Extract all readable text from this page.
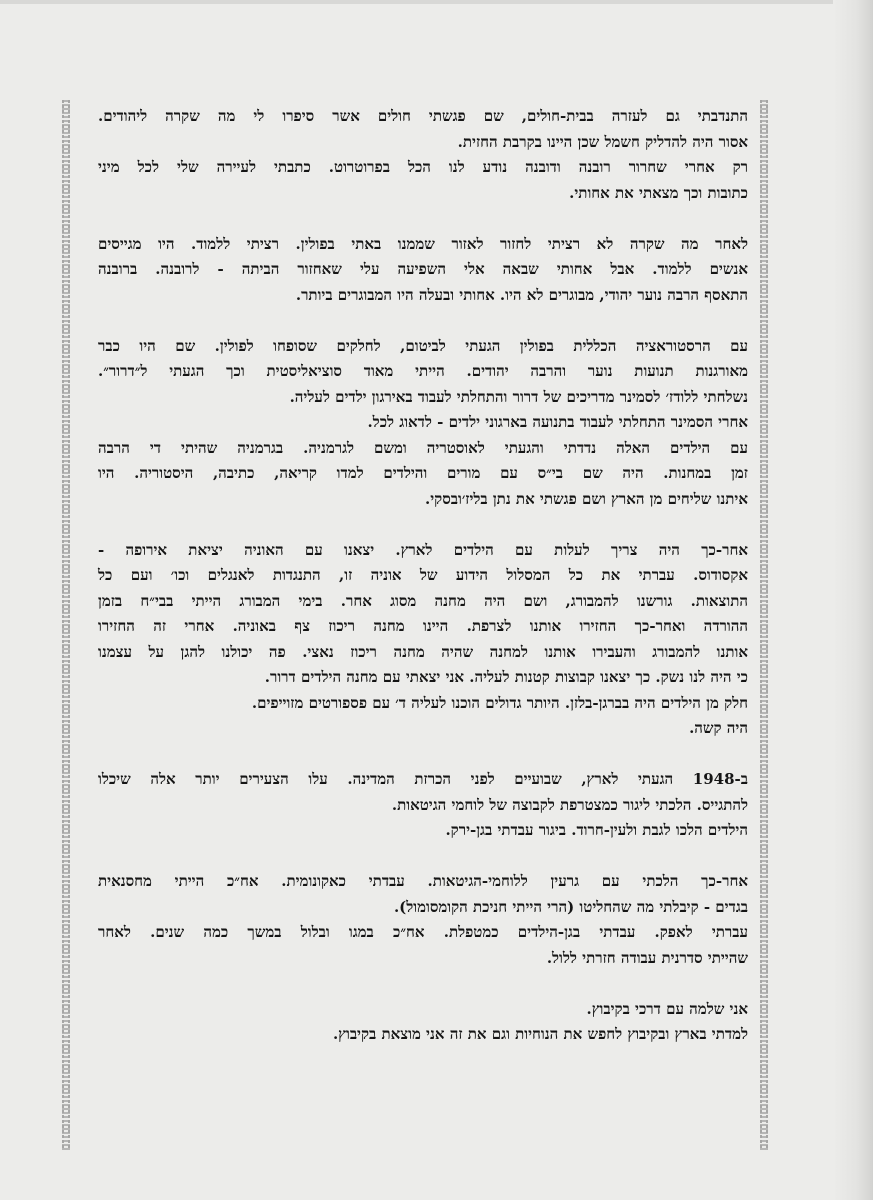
התנדבתי גם לעזרה בבית-חולים, שם פגשתי חולים אשר סיפרו לי מה שקרה ליהודים.
אסור היה להדליק חשמל שכן היינו בקרבת החזית.
רק אחרי שחרור רובנה ודובנה נודע לנו הכל בפרוטרוט. כתבתי לעיירה שלי לכל מיני
כתובות וכך מצאתי את אחותי.

לאחר מה שקרה לא רציתי לחזור לאזור שממנו באתי בפולין. רציתי ללמוד. היו מגייסים
אנשים ללמוד. אבל אחותי שבאה אלי השפיעה עלי שאחזור הביתה - לרובנה. ברובנה
התאסף הרבה נוער יהודי, מבוגרים לא היו. אחותי ובעלה היו המבוגרים ביותר.

עם הרסטוראציה הכללית בפולין הגעתי לביטום, לחלקים שסופחו לפולין. שם היו כבר
מאורגנות תנועות נוער והרבה יהודים. הייתי מאוד סוציאליסטית וכך הגעתי ל״דרור״.
נשלחתי ללודז׳ לסמינר מדריכים של דרור והתחלתי לעבוד באירגון ילדים לעליה.
אחרי הסמינר התחלתי לעבוד בתנועה בארגוני ילדים - לדאוג לכל.
עם הילדים האלה נדדתי והגעתי לאוסטריה ומשם לגרמניה. בגרמניה שהיתי די הרבה
זמן במחנות. היה שם בי״ס עם מורים והילדים למדו קריאה, כתיבה, היסטוריה. היו
איתנו שליחים מן הארץ ושם פגשתי את נתן בליז׳ובסקי.

אחר-כך היה צריך לעלות עם הילדים לארץ. יצאנו עם האוניה יציאת אירופה -
אקסודוס. עברתי את כל המסלול הידוע של אוניה זו, התנגדות לאנגלים וכו׳ ועם כל
התוצאות. גורשנו להמבורג, ושם היה מחנה מסוג אחר. בימי המבורג הייתי בבי״ח בזמן
ההורדה ואחר-כך החזירו אותנו לצרפת. היינו מחנה ריכוז צף באוניה. אחרי זה החזירו
אותנו להמבורג והעבירו אותנו למחנה שהיה מחנה ריכוז נאצי. פה יכולנו להגן על עצמנו
כי היה לנו נשק. כך יצאנו קבוצות קטנות לעליה. אני יצאתי עם מחנה הילדים דרור.
חלק מן הילדים היה בברגן-בלזן. היותר גדולים הוכנו לעליה ד׳ עם פספורטים מזוייפים.
היה קשה.

ב-1948 הגעתי לארץ, שבועיים לפני הכרזת המדינה. עלו הצעירים יותר אלה שיכלו
להתגייס. הלכתי ליגור כמצטרפת לקבוצה של לוחמי הגיטאות.
הילדים הלכו לגבת ולעין-חרוד. ביגור עבדתי בגן-ירק.

אחר-כך הלכתי עם גרעין ללוחמי-הגיטאות. עבדתי כאקונומית. אח״כ הייתי מחסנאית
בגדים - קיבלתי מה שהחליטו (הרי הייתי חניכת הקומסומול).
עברתי לאפק. עבדתי בגן-הילדים כמטפלת. אח״כ במגו ובלול במשך כמה שנים. לאחר
שהייתי סדרנית עבודה חזרתי ללול.

אני שלמה עם דרכי בקיבוץ.
למדתי בארץ ובקיבוץ לחפש את הנוחיות וגם את זה אני מוצאת בקיבוץ.
